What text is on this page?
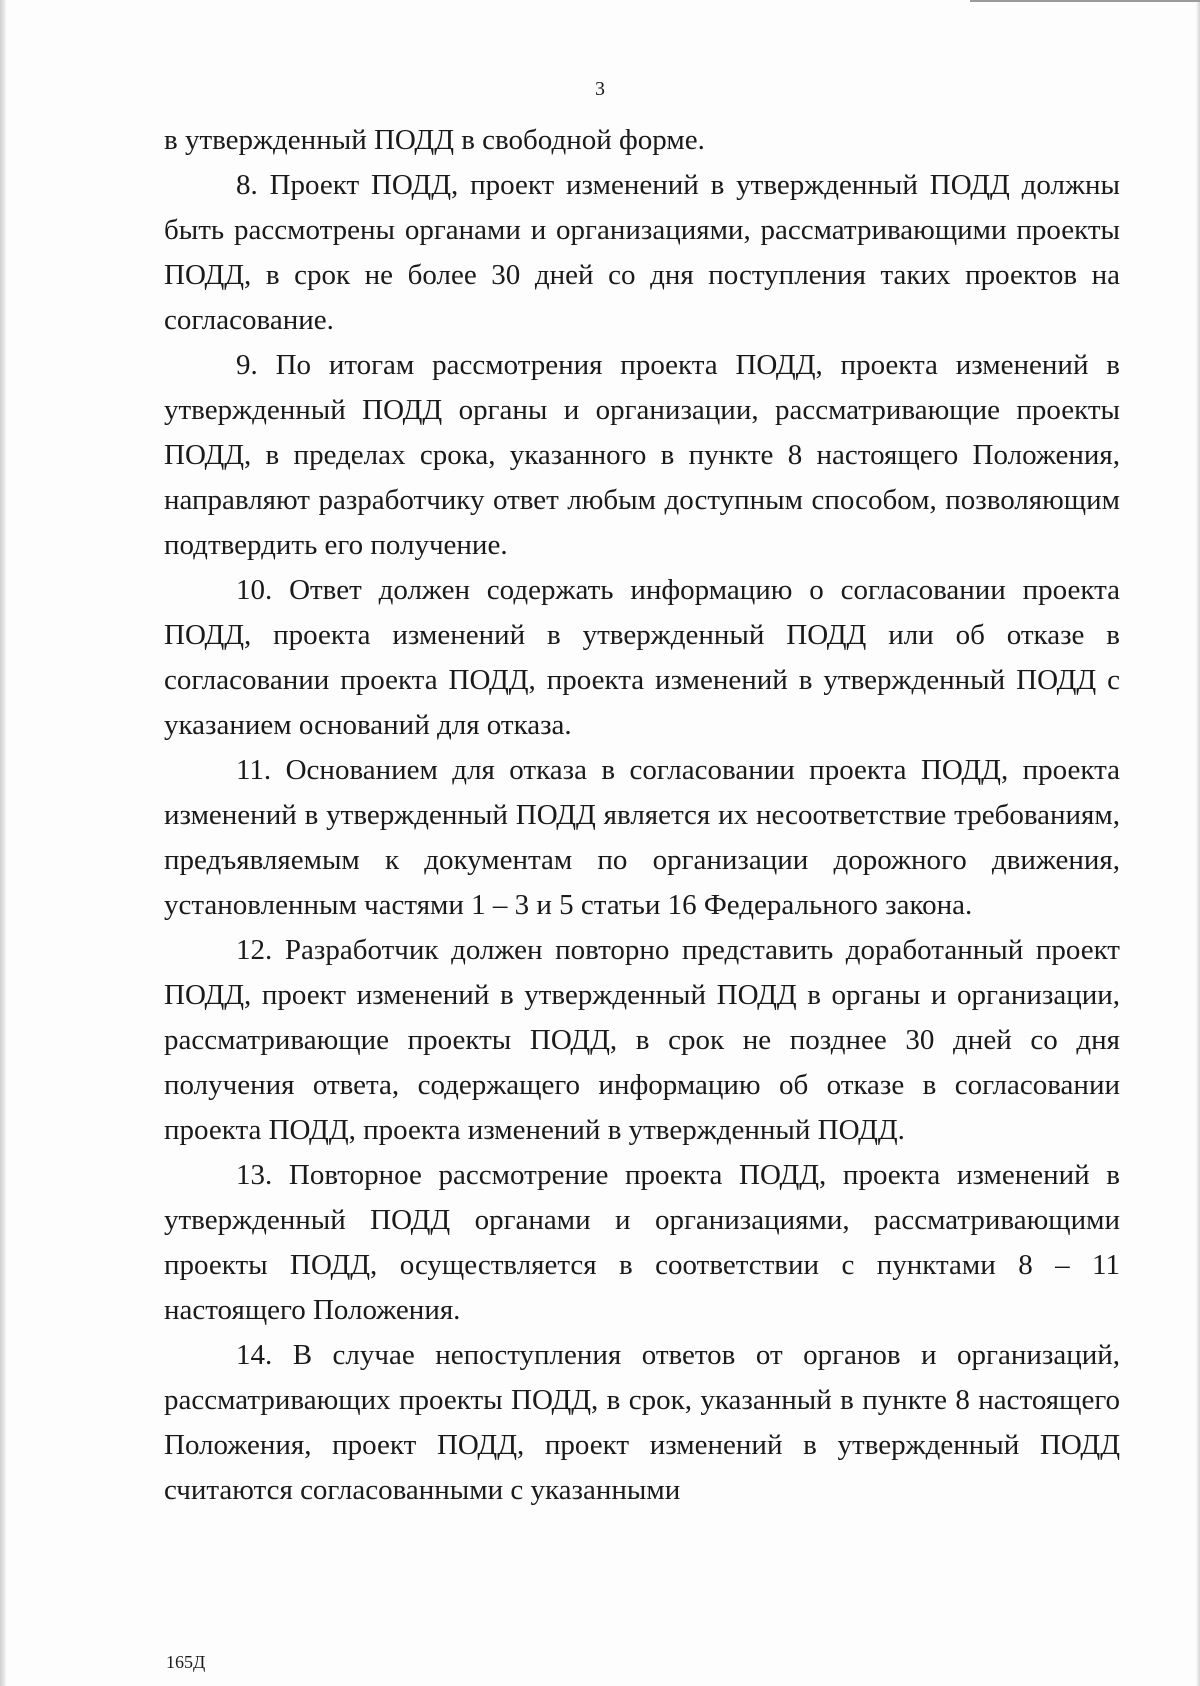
3

в утвержденный ПОДД в свободной форме.

8. Проект ПОДД, проект изменений в утвержденный ПОДД должны быть рассмотрены органами и организациями, рассматривающими проекты ПОДД, в срок не более 30 дней со дня поступления таких проектов на согласование.

9. По итогам рассмотрения проекта ПОДД, проекта изменений в утвержденный ПОДД органы и организации, рассматривающие проекты ПОДД, в пределах срока, указанного в пункте 8 настоящего Положения, направляют разработчику ответ любым доступным способом, позволяющим подтвердить его получение.

10. Ответ должен содержать информацию о согласовании проекта ПОДД, проекта изменений в утвержденный ПОДД или об отказе в согласовании проекта ПОДД, проекта изменений в утвержденный ПОДД с указанием оснований для отказа.

11. Основанием для отказа в согласовании проекта ПОДД, проекта изменений в утвержденный ПОДД является их несоответствие требованиям, предъявляемым к документам по организации дорожного движения, установленным частями 1 – 3 и 5 статьи 16 Федерального закона.

12. Разработчик должен повторно представить доработанный проект ПОДД, проект изменений в утвержденный ПОДД в органы и организации, рассматривающие проекты ПОДД, в срок не позднее 30 дней со дня получения ответа, содержащего информацию об отказе в согласовании проекта ПОДД, проекта изменений в утвержденный ПОДД.

13. Повторное рассмотрение проекта ПОДД, проекта изменений в утвержденный ПОДД органами и организациями, рассматривающими проекты ПОДД, осуществляется в соответствии с пунктами 8 – 11 настоящего Положения.

14. В случае непоступления ответов от органов и организаций, рассматривающих проекты ПОДД, в срок, указанный в пункте 8 настоящего Положения, проект ПОДД, проект изменений в утвержденный ПОДД считаются согласованными с указанными

165Д
